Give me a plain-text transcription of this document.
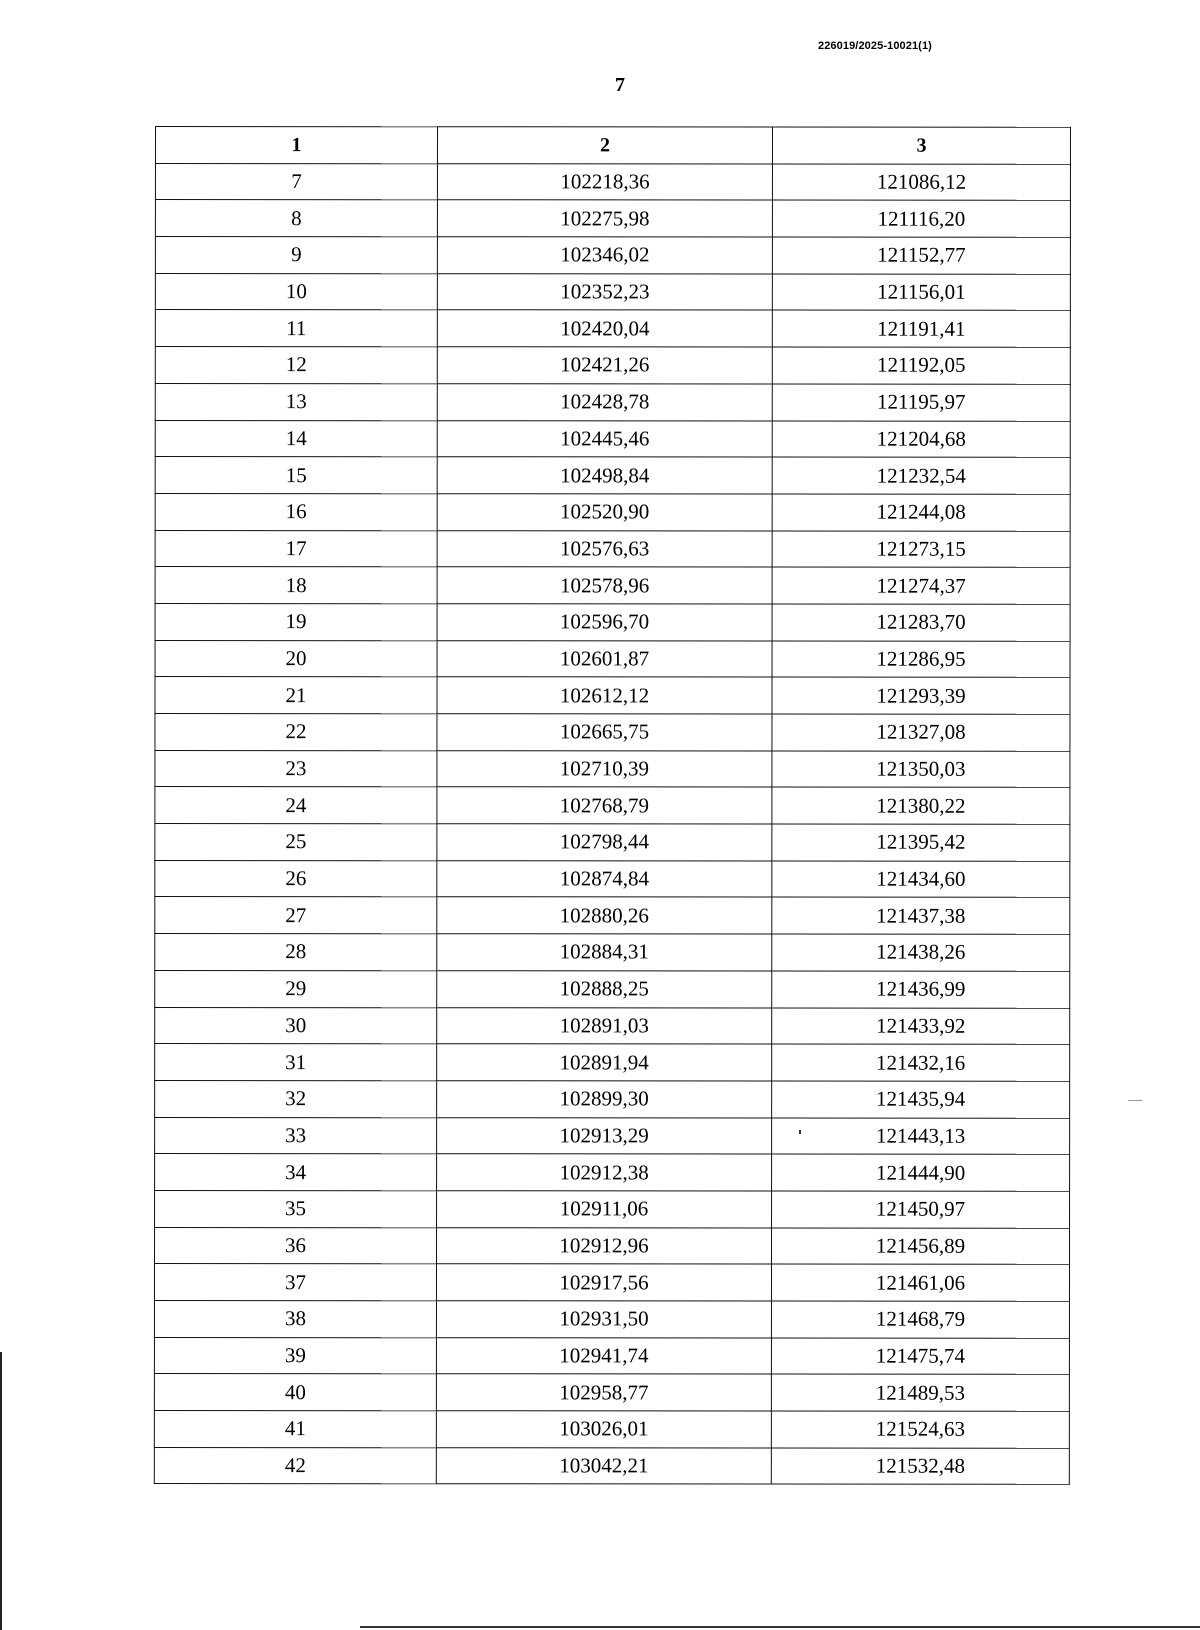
226019/2025-10021(1)
7
1	2	3
7	102218,36	121086,12
8	102275,98	121116,20
9	102346,02	121152,77
10	102352,23	121156,01
11	102420,04	121191,41
12	102421,26	121192,05
13	102428,78	121195,97
14	102445,46	121204,68
15	102498,84	121232,54
16	102520,90	121244,08
17	102576,63	121273,15
18	102578,96	121274,37
19	102596,70	121283,70
20	102601,87	121286,95
21	102612,12	121293,39
22	102665,75	121327,08
23	102710,39	121350,03
24	102768,79	121380,22
25	102798,44	121395,42
26	102874,84	121434,60
27	102880,26	121437,38
28	102884,31	121438,26
29	102888,25	121436,99
30	102891,03	121433,92
31	102891,94	121432,16
32	102899,30	121435,94
33	102913,29	121443,13
34	102912,38	121444,90
35	102911,06	121450,97
36	102912,96	121456,89
37	102917,56	121461,06
38	102931,50	121468,79
39	102941,74	121475,74
40	102958,77	121489,53
41	103026,01	121524,63
42	103042,21	121532,48
